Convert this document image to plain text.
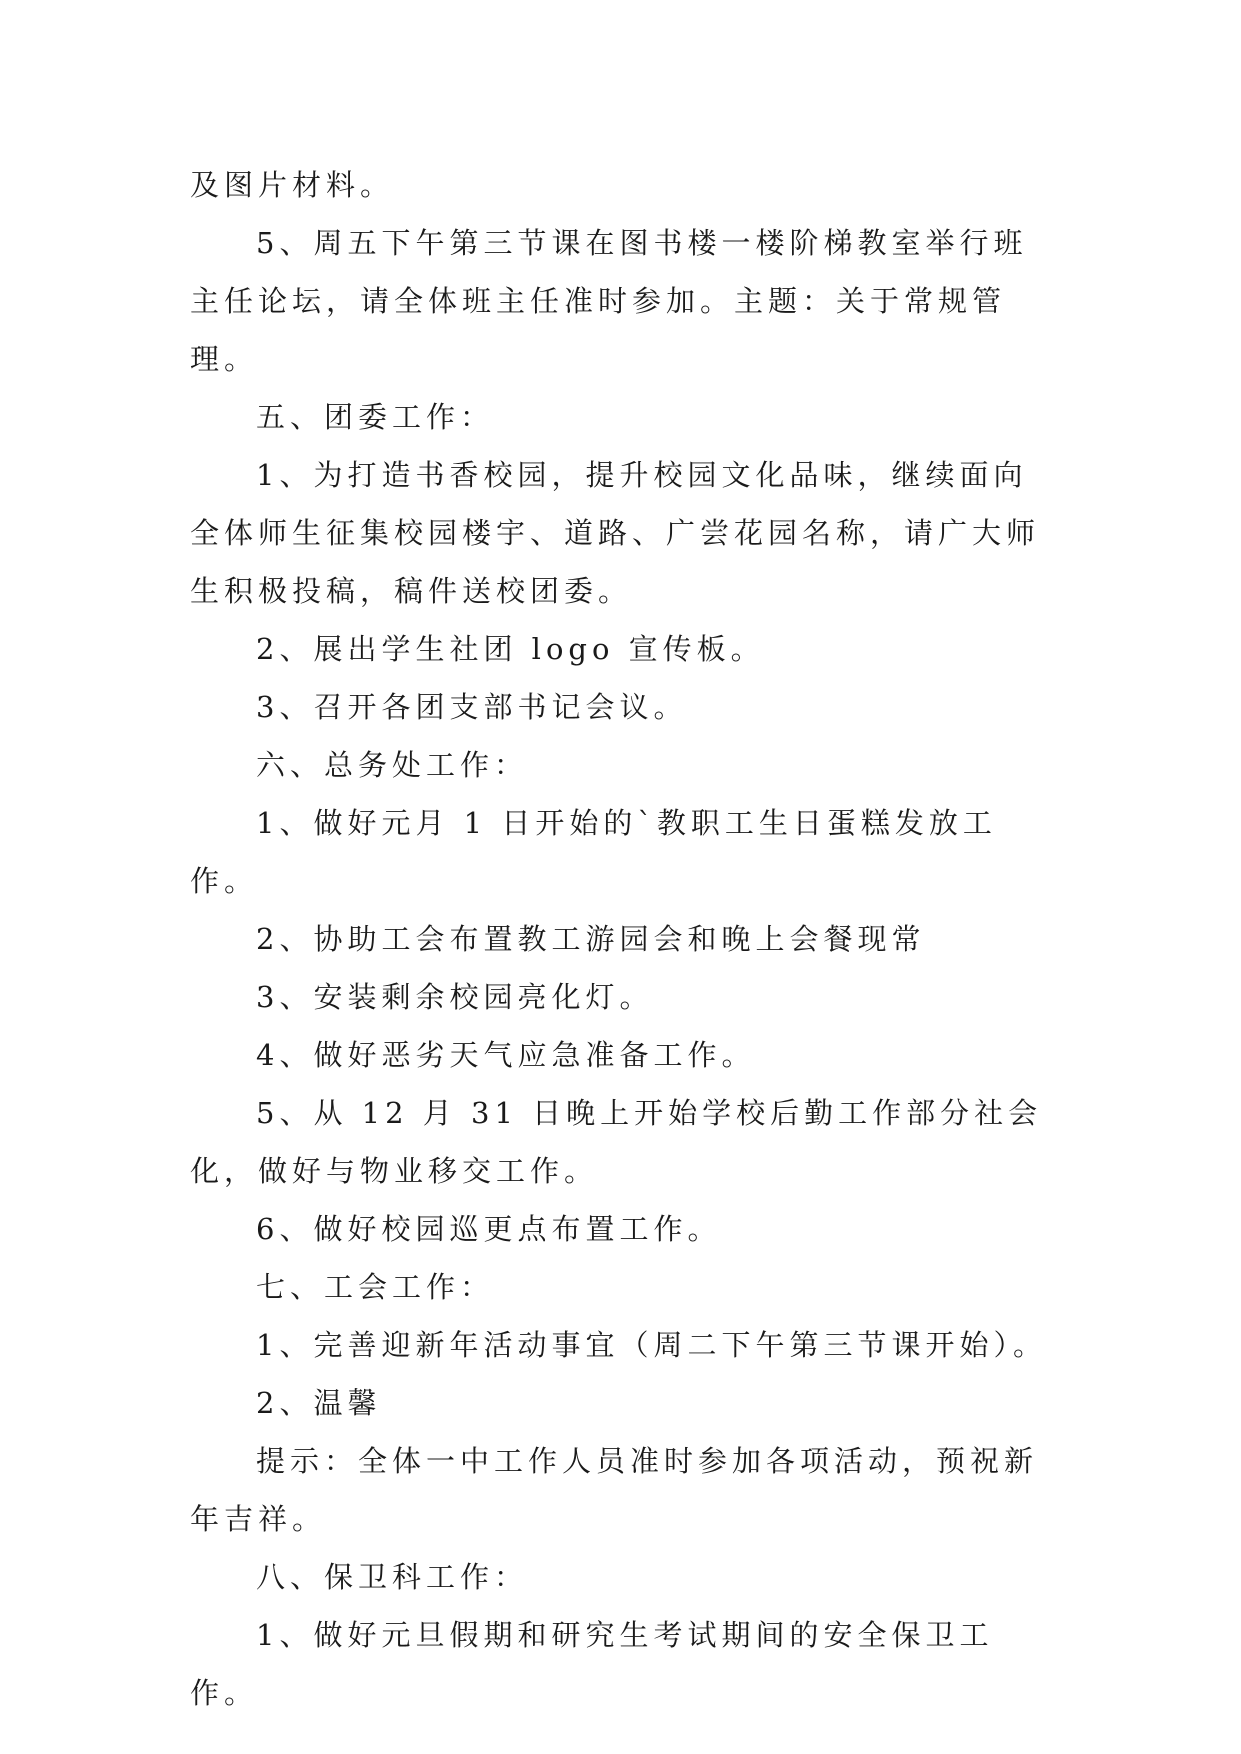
及图片材料。

5、周五下午第三节课在图书楼一楼阶梯教室举行班主任论坛，请全体班主任准时参加。主题：关于常规管理。

五、团委工作：

1、为打造书香校园，提升校园文化品味，继续面向全体师生征集校园楼宇、道路、广尝花园名称，请广大师生积极投稿，稿件送校团委。

2、展出学生社团 logo 宣传板。

3、召开各团支部书记会议。

六、总务处工作：

1、做好元月 1 日开始的`教职工生日蛋糕发放工作。

2、协助工会布置教工游园会和晚上会餐现常

3、安装剩余校园亮化灯。

4、做好恶劣天气应急准备工作。

5、从 12 月 31 日晚上开始学校后勤工作部分社会化，做好与物业移交工作。

6、做好校园巡更点布置工作。

七、工会工作：

1、完善迎新年活动事宜（周二下午第三节课开始）。

2、温馨

提示：全体一中工作人员准时参加各项活动，预祝新年吉祥。

八、保卫科工作：

1、做好元旦假期和研究生考试期间的安全保卫工作。
